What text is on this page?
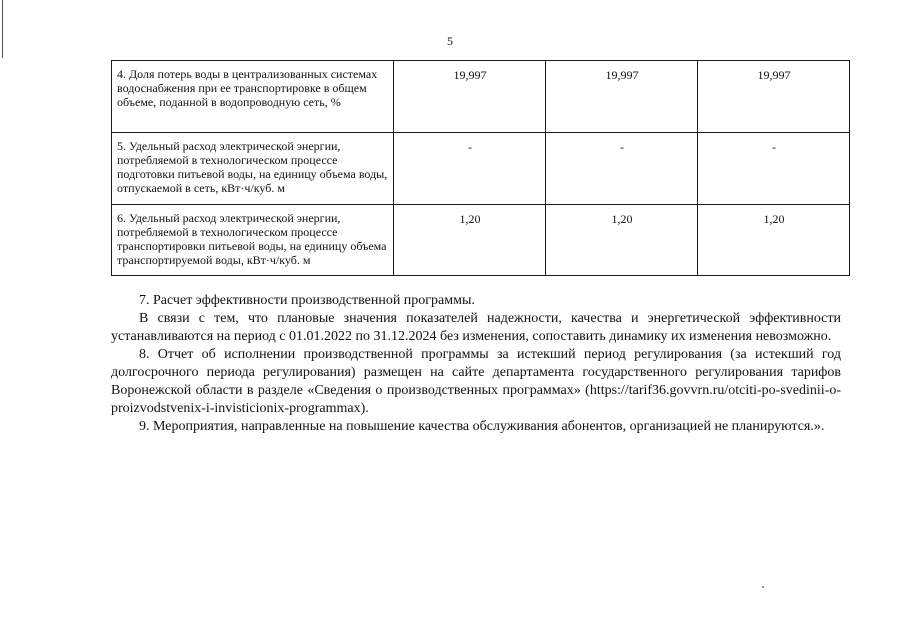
5
4. Доля потерь воды в централизованных системах водоснабжения при ее транспортировке в общем объеме, поданной в водопроводную сеть, %	19,997	19,997	19,997
5. Удельный расход электрической энергии, потребляемой в технологическом процессе подготовки питьевой воды, на единицу объема воды, отпускаемой в сеть, кВт·ч/куб. м	-	-	-
6. Удельный расход электрической энергии, потребляемой в технологическом процессе транспортировки питьевой воды, на единицу объема транспортируемой воды, кВт·ч/куб. м	1,20	1,20	1,20

7. Расчет эффективности производственной программы.

В связи с тем, что плановые значения показателей надежности, качества и энергетической эффективности устанавливаются на период с 01.01.2022 по 31.12.2024 без изменения, сопоставить динамику их изменения невозможно.

8. Отчет об исполнении производственной программы за истекший период регулирования (за истекший год долгосрочного периода регулирования) размещен на сайте департамента государственного регулирования тарифов Воронежской области в разделе «Сведения о производственных программах» (https://tarif36.govvrn.ru/otciti-po-svedinii-o-proizvodstvenix-i-invisticionix-programmax).

9. Мероприятия, направленные на повышение качества обслуживания абонентов, организацией не планируются.».
